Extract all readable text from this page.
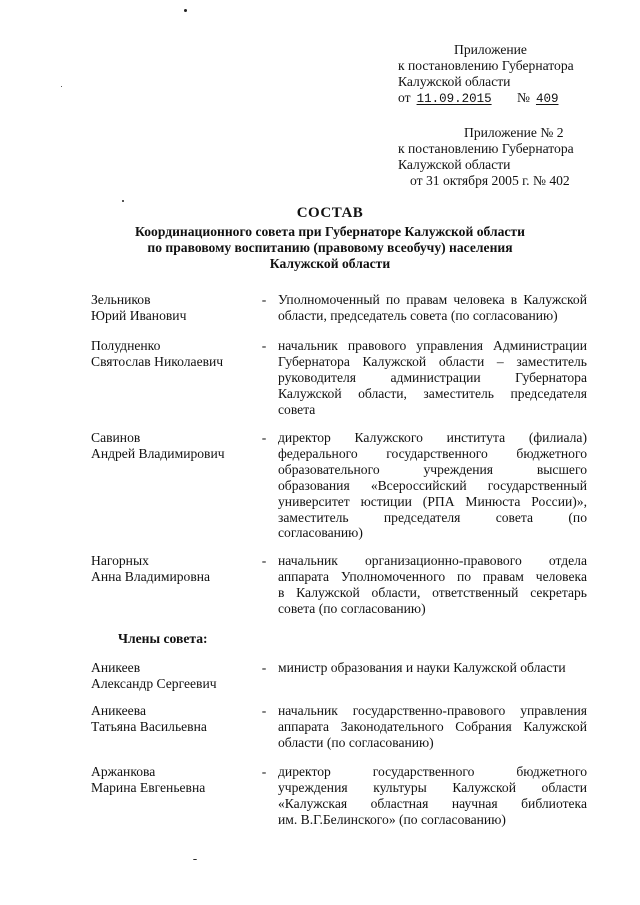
Приложение
к постановлению Губернатора
Калужской области
от 11.09.2015 № 409
Приложение № 2
к постановлению Губернатора
Калужской области
от 31 октября 2005 г. № 402
СОСТАВ
Координационного совета при Губернаторе Калужской области
по правовому воспитанию (правовому всеобучу) населения
Калужской области
Зельников
Юрий Иванович
- Уполномоченный по правам человека в Калужской
области, председатель совета (по согласованию)
Полудненко
Святослав Николаевич
- начальник правового управления Администрации
Губернатора Калужской области – заместитель
руководителя администрации Губернатора
Калужской области, заместитель председателя
совета
Савинов
Андрей Владимирович
- директор Калужского института (филиала)
федерального государственного бюджетного
образовательного учреждения высшего
образования «Всероссийский государственный
университет юстиции (РПА Минюста России)»,
заместитель председателя совета (по
согласованию)
Нагорных
Анна Владимировна
- начальник организационно-правового отдела
аппарата Уполномоченного по правам человека
в Калужской области, ответственный секретарь
совета (по согласованию)
Члены совета:
Аникеев
Александр Сергеевич
- министр образования и науки Калужской области
Аникеева
Татьяна Васильевна
- начальник государственно-правового управления
аппарата Законодательного Собрания Калужской
области (по согласованию)
Аржанкова
Марина Евгеньевна
- директор государственного бюджетного
учреждения культуры Калужской области
«Калужская областная научная библиотека
им. В.Г.Белинского» (по согласованию)
